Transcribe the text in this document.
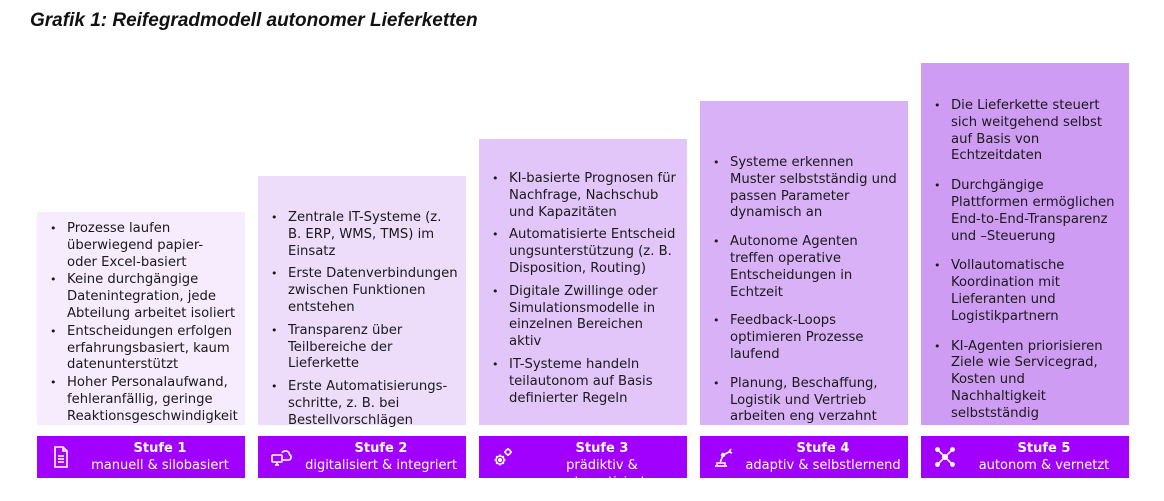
Grafik 1: Reifegradmodell autonomer Lieferketten
• Prozesse laufen überwiegend papier- oder Excel-basiert
• Keine durchgängige Datenintegration, jede Abteilung arbeitet isoliert
• Entscheidungen erfolgen erfahrungsbasiert, kaum datenunterstützt
• Hoher Personalaufwand, fehleranfällig, geringe Reaktionsgeschwindigkeit
• Zentrale IT-Systeme (z. B. ERP, WMS, TMS) im Einsatz
• Erste Datenverbindungen zwischen Funktionen entstehen
• Transparenz über Teilbereiche der Lieferkette
• Erste Automatisierungs-schritte, z. B. bei Bestellvorschlägen
• KI-basierte Prognosen für Nachfrage, Nachschub und Kapazitäten
• Automatisierte Entscheidungsunterstützung (z. B. Disposition, Routing)
• Digitale Zwillinge oder Simulationsmodelle in einzelnen Bereichen aktiv
• IT-Systeme handeln teilautonom auf Basis definierter Regeln
• Systeme erkennen Muster selbstständig und passen Parameter dynamisch an
• Autonome Agenten treffen operative Entscheidungen in Echtzeit
• Feedback-Loops optimieren Prozesse laufend
• Planung, Beschaffung, Logistik und Vertrieb arbeiten eng verzahnt
• Die Lieferkette steuert sich weitgehend selbst auf Basis von Echtzeitdaten
• Durchgängige Plattformen ermöglichen End-to-End-Transparenz und –Steuerung
• Vollautomatische Koordination mit Lieferanten und Logistikpartnern
• KI-Agenten priorisieren Ziele wie Servicegrad, Kosten und Nachhaltigkeit selbstständig
Stufe 1
manuell & silobasiert
Stufe 2
digitalisiert & integriert
Stufe 3
prädiktiv & automatisiert
Stufe 4
adaptiv & selbstlernend
Stufe 5
autonom & vernetzt
